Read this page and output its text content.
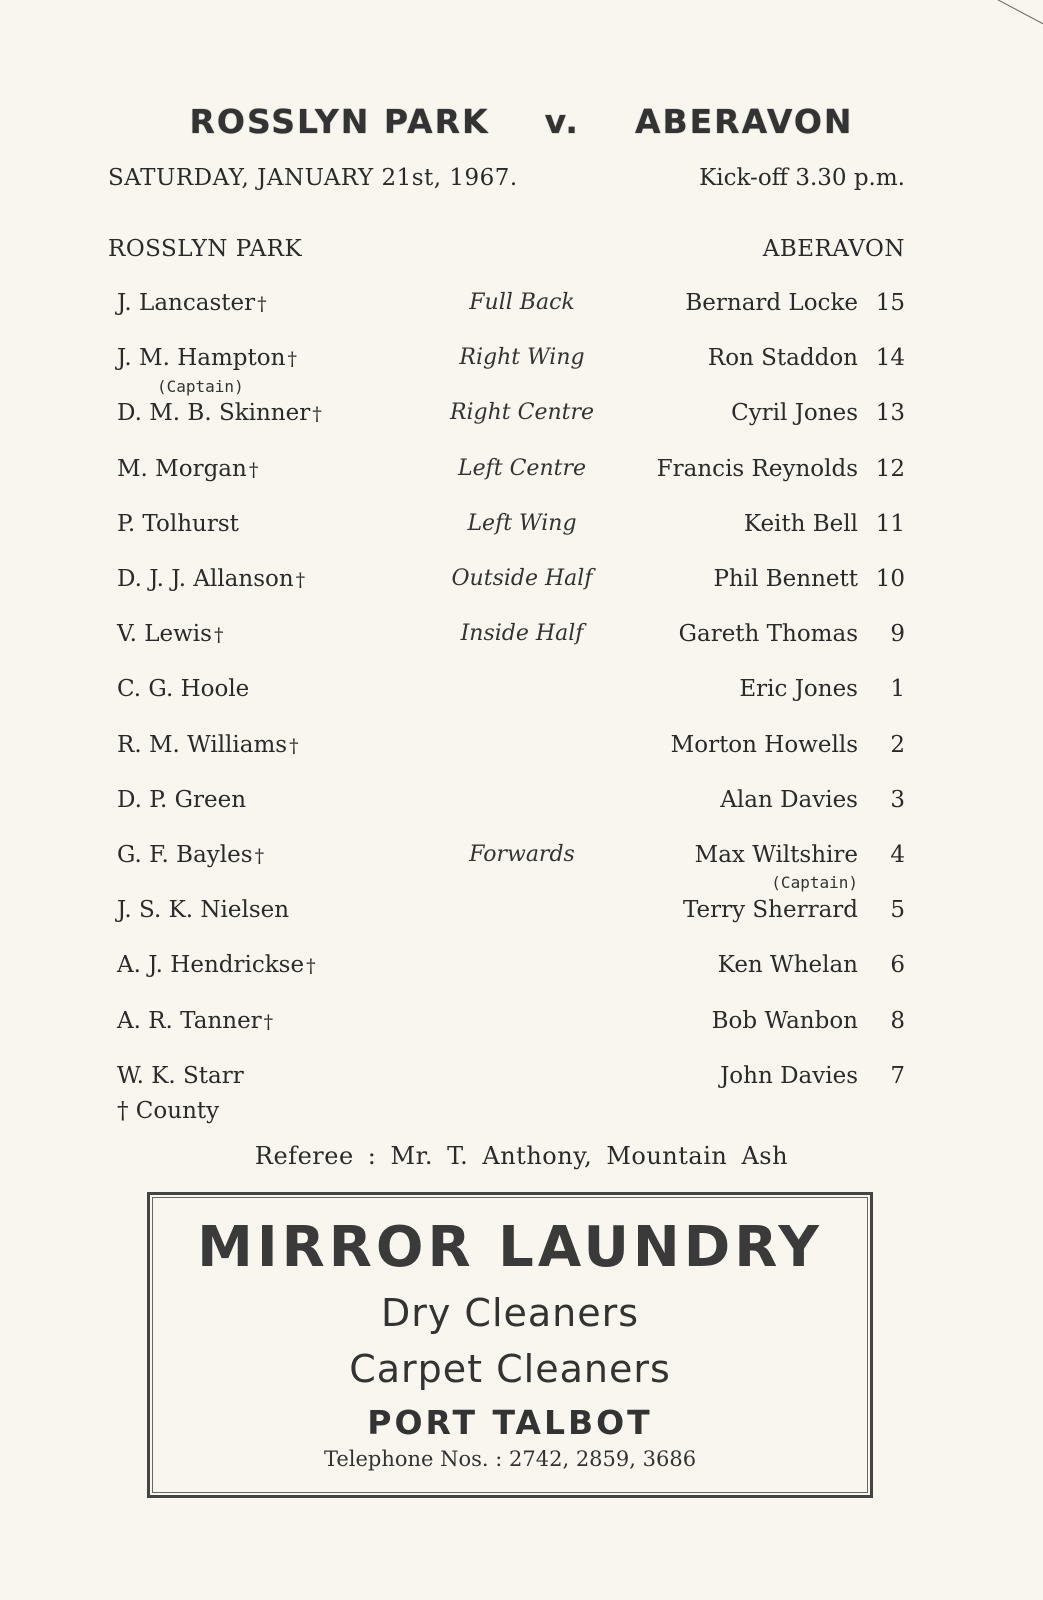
ROSSLYN PARK v. ABERAVON
SATURDAY, JANUARY 21st, 1967.	Kick-off 3.30 p.m.
ROSSLYN PARK	ABERAVON
J. Lancaster †	Full Back	Bernard Locke 15
J. M. Hampton †	Right Wing	Ron Staddon 14
D. M. B. Skinner †	Right Centre	Cyril Jones 13
M. Morgan †	Left Centre	Francis Reynolds 12
P. Tolhurst	Left Wing	Keith Bell 11
D. J. J. Allanson †	Outside Half	Phil Bennett 10
V. Lewis †	Inside Half	Gareth Thomas 9
C. G. Hoole	Eric Jones 1
R. M. Williams †	Morton Howells 2
D. P. Green	Alan Davies 3
G. F. Bayles †	Forwards	Max Wiltshire 4
J. S. K. Nielsen	Terry Sherrard 5
A. J. Hendrickse †	Ken Whelan 6
A. R. Tanner †	Bob Wanbon 8
W. K. Starr	John Davies 7
(Captain)
(Captain)
† County
Referee : Mr. T. Anthony, Mountain Ash
MIRROR LAUNDRY
Dry Cleaners
Carpet Cleaners
PORT TALBOT
Telephone Nos. : 2742, 2859, 3686
